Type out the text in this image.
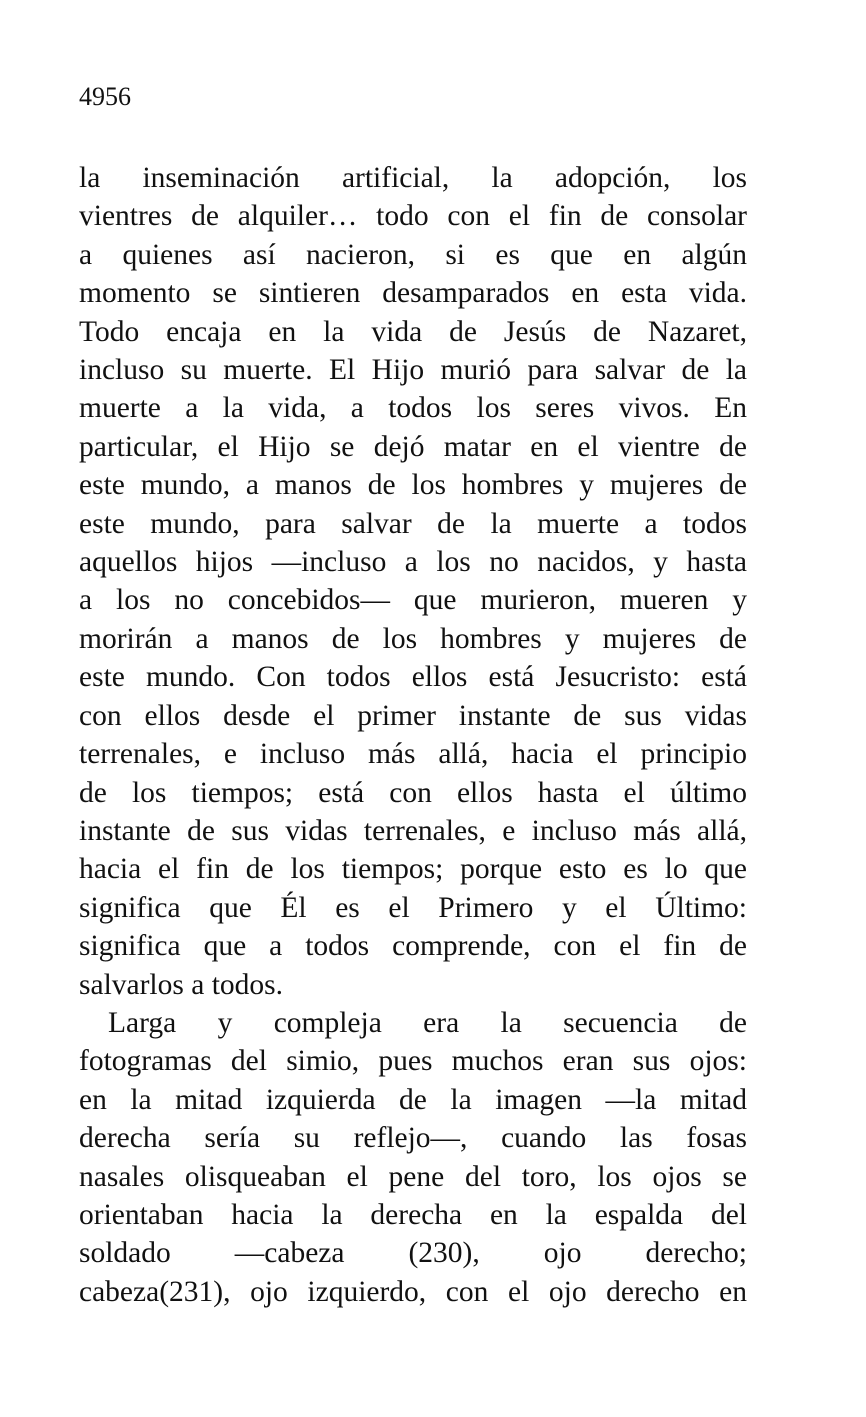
4956

la inseminación artificial, la adopción, los
vientres de alquiler… todo con el fin de consolar
a quienes así nacieron, si es que en algún
momento se sintieren desamparados en esta vida.
Todo encaja en la vida de Jesús de Nazaret,
incluso su muerte. El Hijo murió para salvar de la
muerte a la vida, a todos los seres vivos. En
particular, el Hijo se dejó matar en el vientre de
este mundo, a manos de los hombres y mujeres de
este mundo, para salvar de la muerte a todos
aquellos hijos —incluso a los no nacidos, y hasta
a los no concebidos— que murieron, mueren y
morirán a manos de los hombres y mujeres de
este mundo. Con todos ellos está Jesucristo: está
con ellos desde el primer instante de sus vidas
terrenales, e incluso más allá, hacia el principio
de los tiempos; está con ellos hasta el último
instante de sus vidas terrenales, e incluso más allá,
hacia el fin de los tiempos; porque esto es lo que
significa que Él es el Primero y el Último:
significa que a todos comprende, con el fin de
salvarlos a todos.

Larga y compleja era la secuencia de
fotogramas del simio, pues muchos eran sus ojos:
en la mitad izquierda de la imagen —la mitad
derecha sería su reflejo—, cuando las fosas
nasales olisqueaban el pene del toro, los ojos se
orientaban hacia la derecha en la espalda del
soldado —cabeza (230), ojo derecho;
cabeza(231), ojo izquierdo, con el ojo derecho en
